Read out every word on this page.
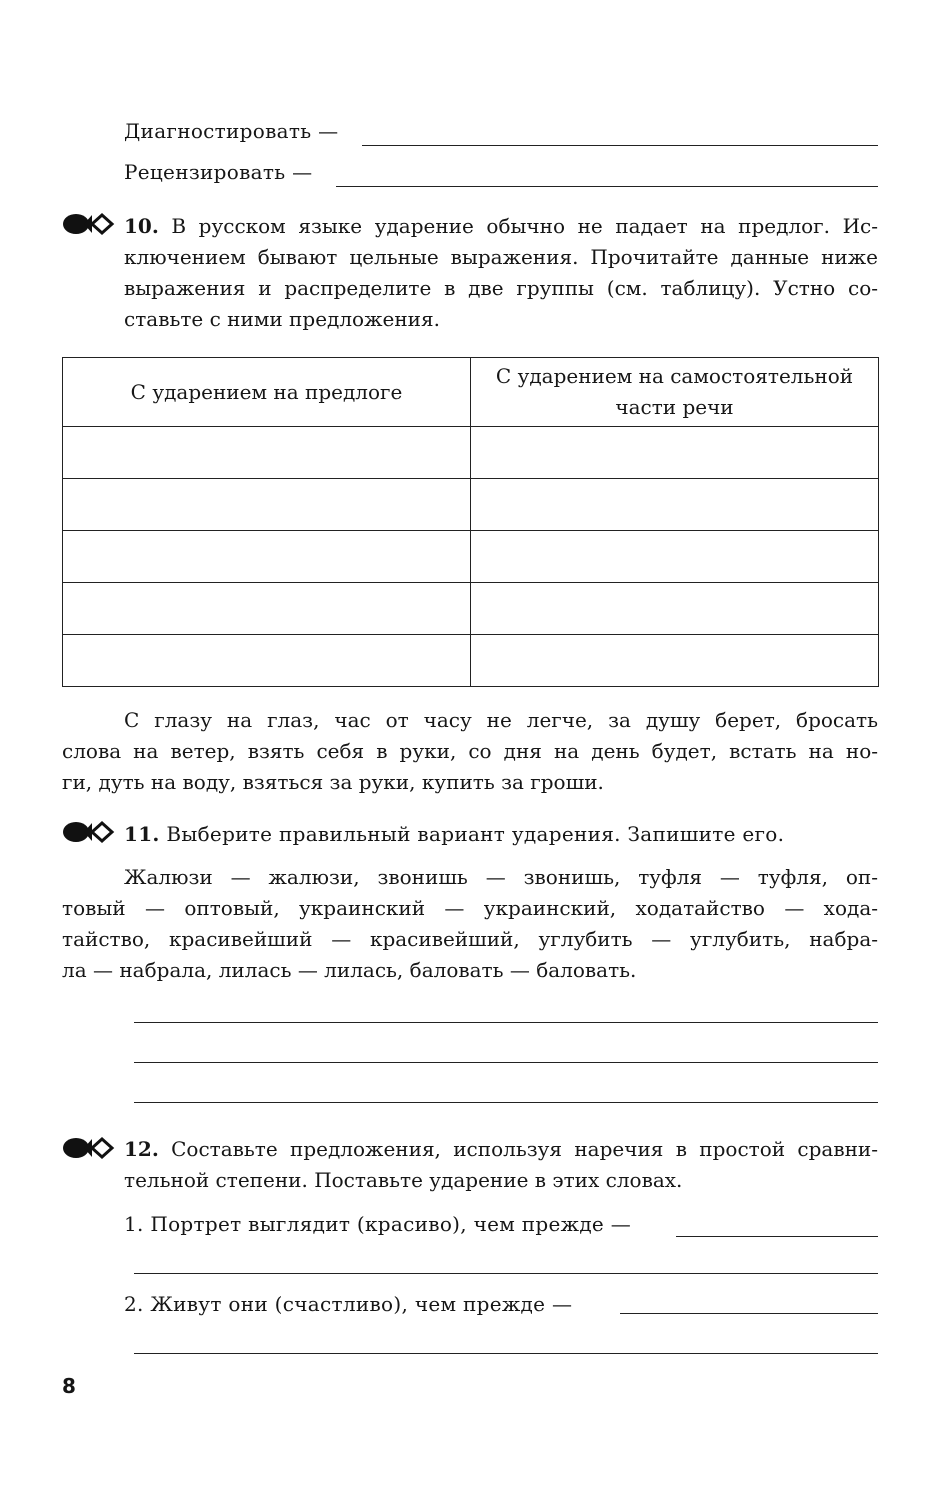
Диагностировать —
Рецензировать —
10. В русском языке ударение обычно не падает на предлог. Ис-
ключением бывают цельные выражения. Прочитайте данные ниже
выражения и распределите в две группы (см. таблицу). Устно со-
ставьте с ними предложения.
С ударением на предлоге	С ударением на самостоятельной
части речи

С глазу на глаз, час от часу не легче, за душу берет, бросать
слова на ветер, взять себя в руки, со дня на день будет, встать на но-
ги, дуть на воду, взяться за руки, купить за гроши.
11. Выберите правильный вариант ударения. Запишите его.
Жалюзи — жалюзи, звонишь — звонишь, туфля — туфля, оп-
товый — оптовый, украинский — украинский, ходатайство — хода-
тайство, красивейший — красивейший, углубить — углубить, набра-
ла — набрала, лилась — лилась, баловать — баловать.
12. Составьте предложения, используя наречия в простой сравни-
тельной степени. Поставьте ударение в этих словах.
1. Портрет выглядит (красиво), чем прежде —
2. Живут они (счастливо), чем прежде —
8
